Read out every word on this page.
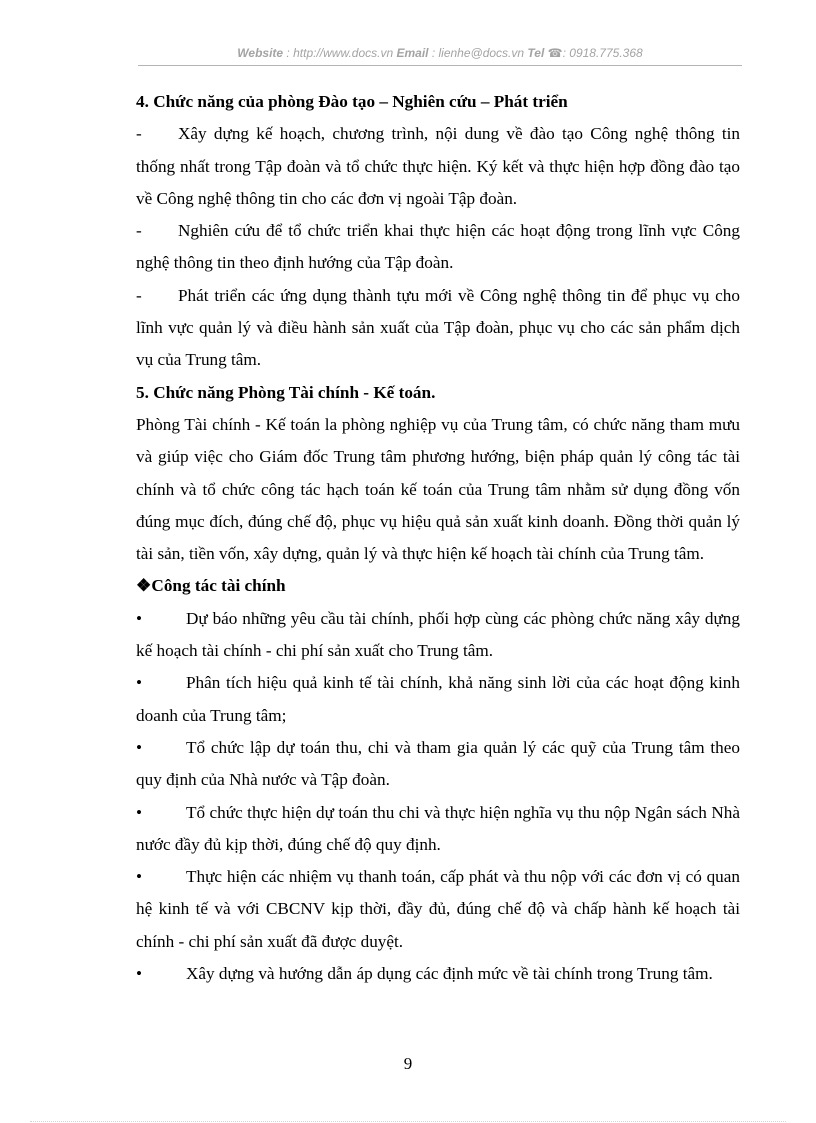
Website : http://www.docs.vn Email : lienhe@docs.vn Tel ☎: 0918.775.368

4. Chức năng của phòng Đào tạo – Nghiên cứu – Phát triển

- Xây dựng kế hoạch, chương trình, nội dung về đào tạo Công nghệ thông tin thống nhất trong Tập đoàn và tổ chức thực hiện. Ký kết và thực hiện hợp đồng đào tạo về Công nghệ thông tin cho các đơn vị ngoài Tập đoàn.

- Nghiên cứu để tổ chức triển khai thực hiện các hoạt động trong lĩnh vực Công nghệ thông tin theo định hướng của Tập đoàn.

- Phát triển các ứng dụng thành tựu mới về Công nghệ thông tin để phục vụ cho lĩnh vực quản lý và điều hành sản xuất của Tập đoàn, phục vụ cho các sản phẩm dịch vụ của Trung tâm.

5. Chức năng Phòng Tài chính - Kế toán.

Phòng Tài chính - Kế toán la phòng nghiệp vụ của Trung tâm, có chức năng tham mưu và giúp việc cho Giám đốc Trung tâm phương hướng, biện pháp quản lý công tác tài chính và tổ chức công tác hạch toán kế toán của Trung tâm nhằm sử dụng đồng vốn đúng mục đích, đúng chế độ, phục vụ hiệu quả sản xuất kinh doanh. Đồng thời quản lý tài sản, tiền vốn, xây dựng, quản lý và thực hiện kế hoạch tài chính của Trung tâm.

❖Công tác tài chính

•	Dự báo những yêu cầu tài chính, phối hợp cùng các phòng chức năng xây dựng kế hoạch tài chính - chi phí sản xuất cho Trung tâm.

•	Phân tích hiệu quả kinh tế tài chính, khả năng sinh lời của các hoạt động kinh doanh của Trung tâm;

•	Tổ chức lập dự toán thu, chi và tham gia quản lý các quỹ của Trung tâm theo quy định của Nhà nước và Tập đoàn.

•	Tổ chức thực hiện dự toán thu chi và thực hiện nghĩa vụ thu nộp Ngân sách Nhà nước đầy đủ kịp thời, đúng chế độ quy định.

•	Thực hiện các nhiệm vụ thanh toán, cấp phát và thu nộp với các đơn vị có quan hệ kinh tế và với CBCNV kịp thời, đầy đủ, đúng chế độ và chấp hành kế hoạch tài chính - chi phí sản xuất đã được duyệt.

•	Xây dựng và hướng dẫn áp dụng các định mức về tài chính trong Trung tâm.

9
